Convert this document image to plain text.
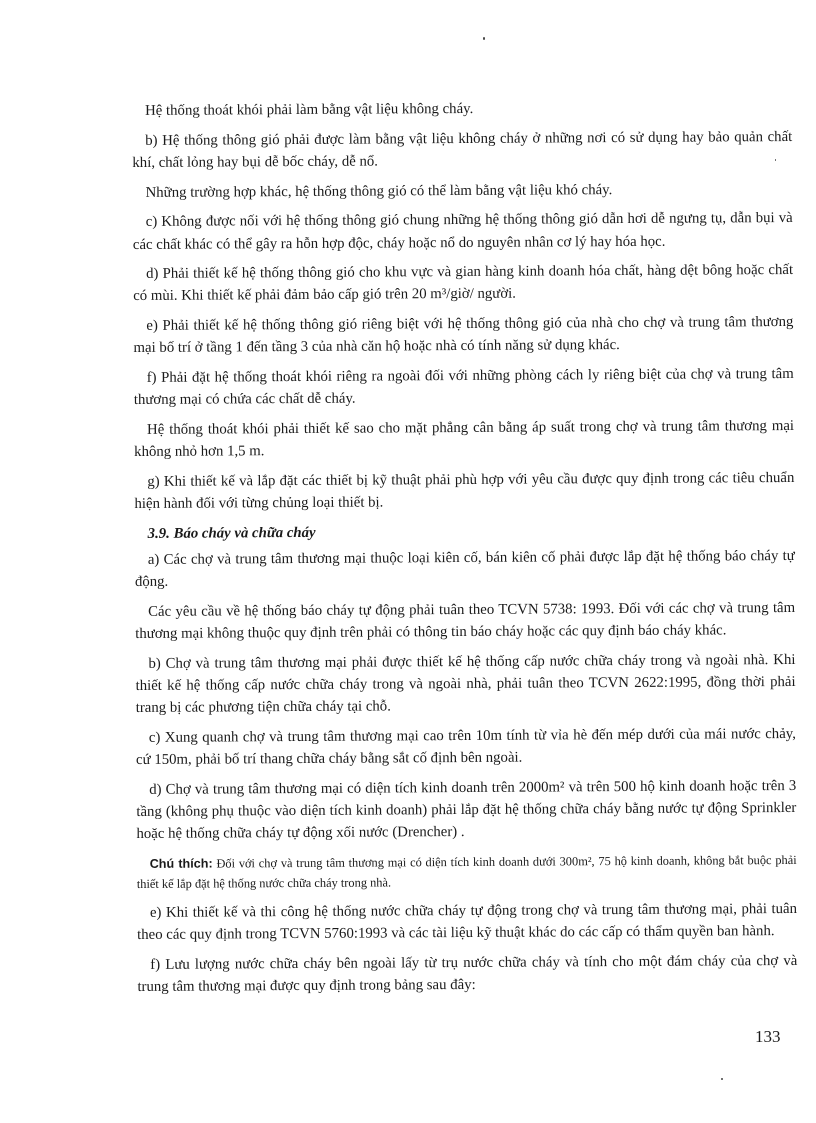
Hệ thống thoát khói phải làm bằng vật liệu không cháy.

b) Hệ thống thông gió phải được làm bằng vật liệu không cháy ở những nơi có sử dụng hay bảo quản chất khí, chất lỏng hay bụi dễ bốc cháy, dễ nổ.

Những trường hợp khác, hệ thống thông gió có thể làm bằng vật liệu khó cháy.

c) Không được nối với hệ thống thông gió chung những hệ thống thông gió dẫn hơi dễ ngưng tụ, dẫn bụi và các chất khác có thể gây ra hỗn hợp độc, cháy hoặc nổ do nguyên nhân cơ lý hay hóa học.

d) Phải thiết kế hệ thống thông gió cho khu vực và gian hàng kinh doanh hóa chất, hàng dệt bông hoặc chất có mùi. Khi thiết kế phải đảm bảo cấp gió trên 20 m³/giờ/ người.

e) Phải thiết kế hệ thống thông gió riêng biệt với hệ thống thông gió của nhà cho chợ và trung tâm thương mại bố trí ở tầng 1 đến tầng 3 của nhà căn hộ hoặc nhà có tính năng sử dụng khác.

f) Phải đặt hệ thống thoát khói riêng ra ngoài đối với những phòng cách ly riêng biệt của chợ và trung tâm thương mại có chứa các chất dễ cháy.

Hệ thống thoát khói phải thiết kế sao cho mặt phẳng cân bằng áp suất trong chợ và trung tâm thương mại không nhỏ hơn 1,5 m.

g) Khi thiết kế và lắp đặt các thiết bị kỹ thuật phải phù hợp với yêu cầu được quy định trong các tiêu chuẩn hiện hành đối với từng chủng loại thiết bị.

3.9. Báo cháy và chữa cháy

a) Các chợ và trung tâm thương mại thuộc loại kiên cố, bán kiên cố phải được lắp đặt hệ thống báo cháy tự động.

Các yêu cầu về hệ thống báo cháy tự động phải tuân theo TCVN 5738: 1993. Đối với các chợ và trung tâm thương mại không thuộc quy định trên phải có thông tin báo cháy hoặc các quy định báo cháy khác.

b) Chợ và trung tâm thương mại phải được thiết kế hệ thống cấp nước chữa cháy trong và ngoài nhà. Khi thiết kế hệ thống cấp nước chữa cháy trong và ngoài nhà, phải tuân theo TCVN 2622:1995, đồng thời phải trang bị các phương tiện chữa cháy tại chỗ.

c) Xung quanh chợ và trung tâm thương mại cao trên 10m tính từ vỉa hè đến mép dưới của mái nước chảy, cứ 150m, phải bố trí thang chữa cháy bằng sắt cố định bên ngoài.

d) Chợ và trung tâm thương mại có diện tích kinh doanh trên 2000m² và trên 500 hộ kinh doanh hoặc trên 3 tầng (không phụ thuộc vào diện tích kinh doanh) phải lắp đặt hệ thống chữa cháy bằng nước tự động Sprinkler hoặc hệ thống chữa cháy tự động xối nước (Drencher) .

Chú thích: Đối với chợ và trung tâm thương mại có diện tích kinh doanh dưới 300m², 75 hộ kinh doanh, không bắt buộc phải thiết kế lắp đặt hệ thống nước chữa cháy trong nhà.

e) Khi thiết kế và thi công hệ thống nước chữa cháy tự động trong chợ và trung tâm thương mại, phải tuân theo các quy định trong TCVN 5760:1993 và các tài liệu kỹ thuật khác do các cấp có thẩm quyền ban hành.

f) Lưu lượng nước chữa cháy bên ngoài lấy từ trụ nước chữa cháy và tính cho một đám cháy của chợ và trung tâm thương mại được quy định trong bảng sau đây:

133
